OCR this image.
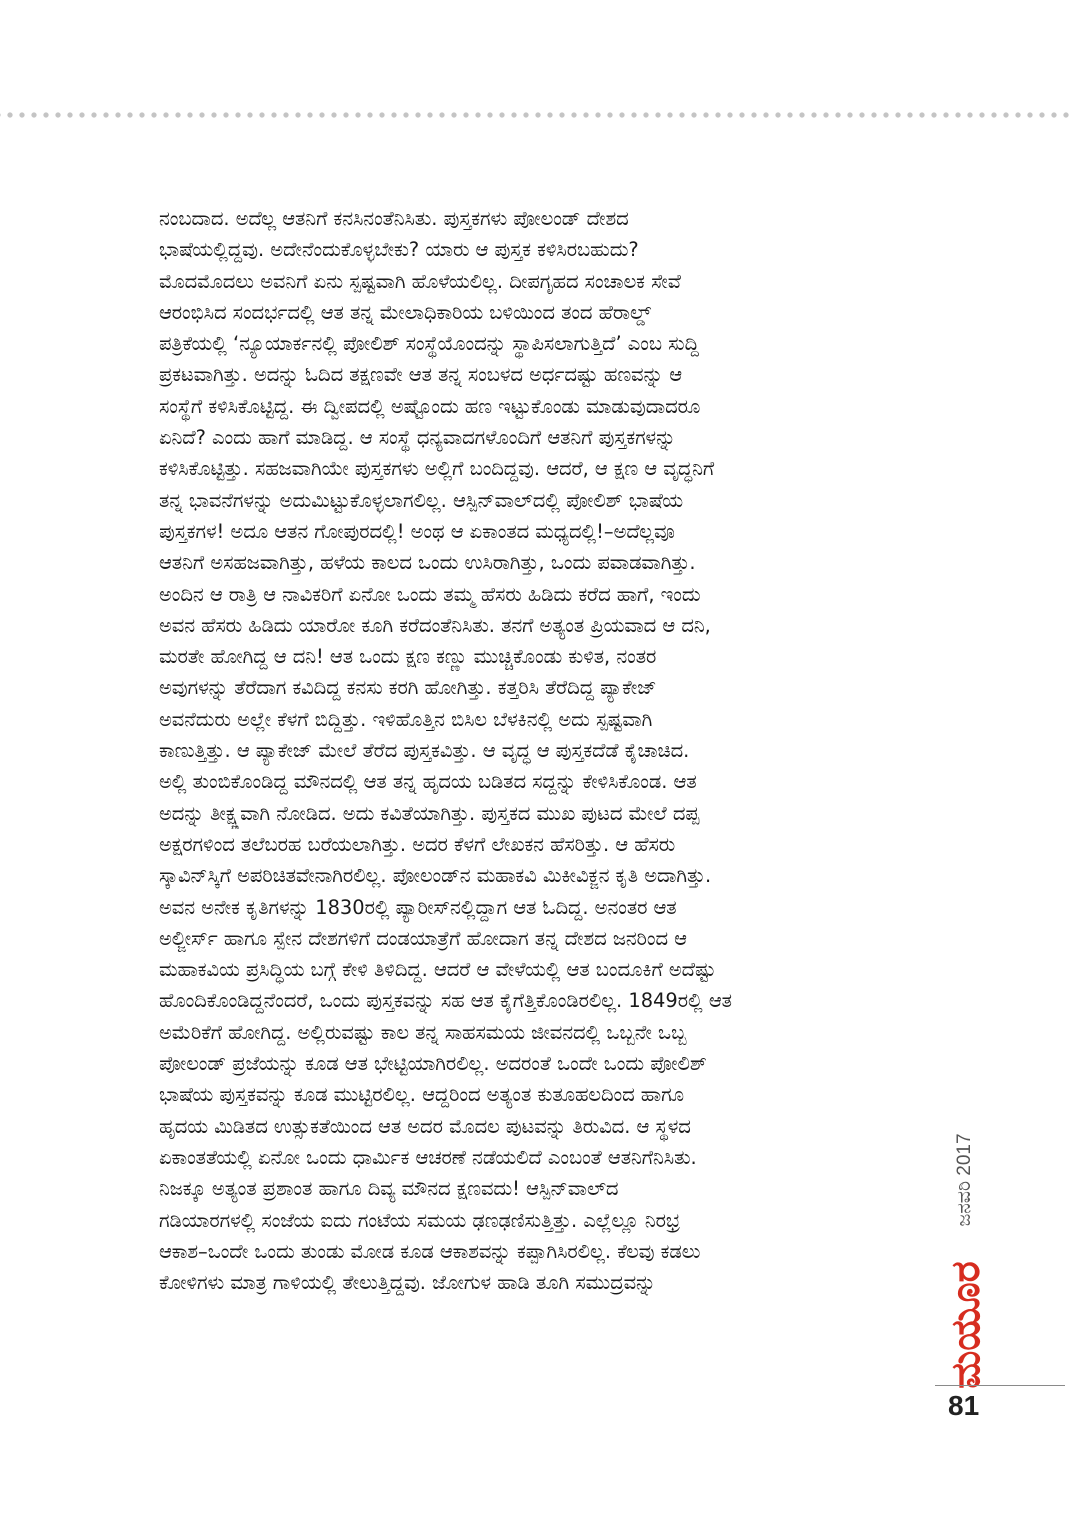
ನಂಬದಾದ. ಅದೆಲ್ಲ ಆತನಿಗೆ ಕನಸಿನಂತೆನಿಸಿತು. ಪುಸ್ತಕಗಳು ಪೋಲಂಡ್ ದೇಶದ
ಭಾಷೆಯಲ್ಲಿದ್ದವು. ಅದೇನೆಂದುಕೊಳ್ಳಬೇಕು? ಯಾರು ಆ ಪುಸ್ತಕ ಕಳಿಸಿರಬಹುದು?
ಮೊದಮೊದಲು ಅವನಿಗೆ ಏನು ಸ್ಪಷ್ಟವಾಗಿ ಹೊಳೆಯಲಿಲ್ಲ. ದೀಪಗೃಹದ ಸಂಚಾಲಕ ಸೇವೆ
ಆರಂಭಿಸಿದ ಸಂದರ್ಭದಲ್ಲಿ ಆತ ತನ್ನ ಮೇಲಾಧಿಕಾರಿಯ ಬಳಿಯಿಂದ ತಂದ ಹೆರಾಲ್ಡ್
ಪತ್ರಿಕೆಯಲ್ಲಿ ‘ನ್ಯೂಯಾರ್ಕನಲ್ಲಿ ಪೋಲಿಶ್ ಸಂಸ್ಥೆಯೊಂದನ್ನು ಸ್ಥಾಪಿಸಲಾಗುತ್ತಿದೆ’ ಎಂಬ ಸುದ್ದಿ
ಪ್ರಕಟವಾಗಿತ್ತು. ಅದನ್ನು ಓದಿದ ತಕ್ಷಣವೇ ಆತ ತನ್ನ ಸಂಬಳದ ಅರ್ಧದಷ್ಟು ಹಣವನ್ನು ಆ
ಸಂಸ್ಥೆಗೆ ಕಳಿಸಿಕೊಟ್ಟಿದ್ದ. ಈ ದ್ವೀಪದಲ್ಲಿ ಅಷ್ಟೊಂದು ಹಣ ಇಟ್ಟುಕೊಂಡು ಮಾಡುವುದಾದರೂ
ಏನಿದೆ? ಎಂದು ಹಾಗೆ ಮಾಡಿದ್ದ. ಆ ಸಂಸ್ಥೆ ಧನ್ಯವಾದಗಳೊಂದಿಗೆ ಆತನಿಗೆ ಪುಸ್ತಕಗಳನ್ನು
ಕಳಿಸಿಕೊಟ್ಟಿತ್ತು. ಸಹಜವಾಗಿಯೇ ಪುಸ್ತಕಗಳು ಅಲ್ಲಿಗೆ ಬಂದಿದ್ದವು. ಆದರೆ, ಆ ಕ್ಷಣ ಆ ವೃದ್ಧನಿಗೆ
ತನ್ನ ಭಾವನೆಗಳನ್ನು ಅದುಮಿಟ್ಟುಕೊಳ್ಳಲಾಗಲಿಲ್ಲ. ಆಸ್ಪಿನ್‌ವಾಲ್‌ದಲ್ಲಿ ಪೋಲಿಶ್ ಭಾಷೆಯ
ಪುಸ್ತಕಗಳ! ಅದೂ ಆತನ ಗೋಪುರದಲ್ಲಿ! ಅಂಥ ಆ ಏಕಾಂತದ ಮಧ್ಯದಲ್ಲಿ!–ಅದೆಲ್ಲವೂ
ಆತನಿಗೆ ಅಸಹಜವಾಗಿತ್ತು, ಹಳೆಯ ಕಾಲದ ಒಂದು ಉಸಿರಾಗಿತ್ತು, ಒಂದು ಪವಾಡವಾಗಿತ್ತು.
ಅಂದಿನ ಆ ರಾತ್ರಿ ಆ ನಾವಿಕರಿಗೆ ಏನೋ ಒಂದು ತಮ್ಮ ಹೆಸರು ಹಿಡಿದು ಕರೆದ ಹಾಗೆ, ಇಂದು
ಅವನ ಹೆಸರು ಹಿಡಿದು ಯಾರೋ ಕೂಗಿ ಕರೆದಂತೆನಿಸಿತು. ತನಗೆ ಅತ್ಯಂತ ಪ್ರಿಯವಾದ ಆ ದನಿ,
ಮರತೇ ಹೋಗಿದ್ದ ಆ ದನಿ! ಆತ ಒಂದು ಕ್ಷಣ ಕಣ್ಣು ಮುಚ್ಚಿಕೊಂಡು ಕುಳಿತ, ನಂತರ
ಅವುಗಳನ್ನು ತೆರೆದಾಗ ಕವಿದಿದ್ದ ಕನಸು ಕರಗಿ ಹೋಗಿತ್ತು. ಕತ್ತರಿಸಿ ತೆರೆದಿದ್ದ ಪ್ಯಾಕೇಜ್
ಅವನೆದುರು ಅಲ್ಲೇ ಕೆಳಗೆ ಬಿದ್ದಿತ್ತು. ಇಳಿಹೊತ್ತಿನ ಬಿಸಿಲ ಬೆಳಕಿನಲ್ಲಿ ಅದು ಸ್ಪಷ್ಟವಾಗಿ
ಕಾಣುತ್ತಿತ್ತು. ಆ ಪ್ಯಾಕೇಜ್ ಮೇಲೆ ತೆರೆದ ಪುಸ್ತಕವಿತ್ತು. ಆ ವೃದ್ಧ ಆ ಪುಸ್ತಕದೆಡೆ ಕೈಚಾಚಿದ.
ಅಲ್ಲಿ ತುಂಬಿಕೊಂಡಿದ್ದ ಮೌನದಲ್ಲಿ ಆತ ತನ್ನ ಹೃದಯ ಬಡಿತದ ಸದ್ದನ್ನು ಕೇಳಿಸಿಕೊಂಡ. ಆತ
ಅದನ್ನು ತೀಕ್ಷ್ಣವಾಗಿ ನೋಡಿದ. ಅದು ಕವಿತೆಯಾಗಿತ್ತು. ಪುಸ್ತಕದ ಮುಖ ಪುಟದ ಮೇಲೆ ದಪ್ಪ
ಅಕ್ಷರಗಳಿಂದ ತಲೆಬರಹ ಬರೆಯಲಾಗಿತ್ತು. ಅದರ ಕೆಳಗೆ ಲೇಖಕನ ಹೆಸರಿತ್ತು. ಆ ಹೆಸರು
ಸ್ಕಾವಿನ್‌ಸ್ಕಿಗೆ ಅಪರಿಚಿತವೇನಾಗಿರಲಿಲ್ಲ. ಪೋಲಂಡ್‌ನ ಮಹಾಕವಿ ಮಿಕೀವಿಕ್ಜನ ಕೃತಿ ಅದಾಗಿತ್ತು.
ಅವನ ಅನೇಕ ಕೃತಿಗಳನ್ನು 1830ರಲ್ಲಿ ಪ್ಯಾರೀಸ್‌ನಲ್ಲಿದ್ದಾಗ ಆತ ಓದಿದ್ದ. ಅನಂತರ ಆತ
ಅಲ್ಜೀರ್ಸ್ ಹಾಗೂ ಸ್ಪೇನ ದೇಶಗಳಿಗೆ ದಂಡಯಾತ್ರೆಗೆ ಹೋದಾಗ ತನ್ನ ದೇಶದ ಜನರಿಂದ ಆ
ಮಹಾಕವಿಯ ಪ್ರಸಿದ್ಧಿಯ ಬಗ್ಗೆ ಕೇಳಿ ತಿಳಿದಿದ್ದ. ಆದರೆ ಆ ವೇಳೆಯಲ್ಲಿ ಆತ ಬಂದೂಕಿಗೆ ಅದೆಷ್ಟು
ಹೊಂದಿಕೊಂಡಿದ್ದನೆಂದರೆ, ಒಂದು ಪುಸ್ತಕವನ್ನು ಸಹ ಆತ ಕೈಗೆತ್ತಿಕೊಂಡಿರಲಿಲ್ಲ. 1849ರಲ್ಲಿ ಆತ
ಅಮೆರಿಕೆಗೆ ಹೋಗಿದ್ದ. ಅಲ್ಲಿರುವಷ್ಟು ಕಾಲ ತನ್ನ ಸಾಹಸಮಯ ಜೀವನದಲ್ಲಿ ಒಬ್ಬನೇ ಒಬ್ಬ
ಪೋಲಂಡ್ ಪ್ರಜೆಯನ್ನು ಕೂಡ ಆತ ಭೇಟ್ಟಿಯಾಗಿರಲಿಲ್ಲ. ಅದರಂತೆ ಒಂದೇ ಒಂದು ಪೋಲಿಶ್
ಭಾಷೆಯ ಪುಸ್ತಕವನ್ನು ಕೂಡ ಮುಟ್ಟಿರಲಿಲ್ಲ. ಆದ್ದರಿಂದ ಅತ್ಯಂತ ಕುತೂಹಲದಿಂದ ಹಾಗೂ
ಹೃದಯ ಮಿಡಿತದ ಉತ್ಸುಕತೆಯಿಂದ ಆತ ಅದರ ಮೊದಲ ಪುಟವನ್ನು ತಿರುವಿದ. ಆ ಸ್ಥಳದ
ಏಕಾಂತತೆಯಲ್ಲಿ ಏನೋ ಒಂದು ಧಾರ್ಮಿಕ ಆಚರಣೆ ನಡೆಯಲಿದೆ ಎಂಬಂತೆ ಆತನಿಗೆನಿಸಿತು.
ನಿಜಕ್ಕೂ ಅತ್ಯಂತ ಪ್ರಶಾಂತ ಹಾಗೂ ದಿವ್ಯ ಮೌನದ ಕ್ಷಣವದು! ಆಸ್ಪಿನ್‌ವಾಲ್‌ದ
ಗಡಿಯಾರಗಳಲ್ಲಿ ಸಂಜೆಯ ಐದು ಗಂಟೆಯ ಸಮಯ ಢಣಢಣಿಸುತ್ತಿತ್ತು. ಎಲ್ಲೆಲ್ಲೂ ನಿರಭ್ರ
ಆಕಾಶ–ಒಂದೇ ಒಂದು ತುಂಡು ಮೋಡ ಕೂಡ ಆಕಾಶವನ್ನು ಕಪ್ಪಾಗಿಸಿರಲಿಲ್ಲ. ಕೆಲವು ಕಡಲು
ಕೋಳಿಗಳು ಮಾತ್ರ ಗಾಳಿಯಲ್ಲಿ ತೇಲುತ್ತಿದ್ದವು. ಜೋಗುಳ ಹಾಡಿ ತೂಗಿ ಸಮುದ್ರವನ್ನು
ಜನವರಿ 2017
ಮಯೂರ
81
